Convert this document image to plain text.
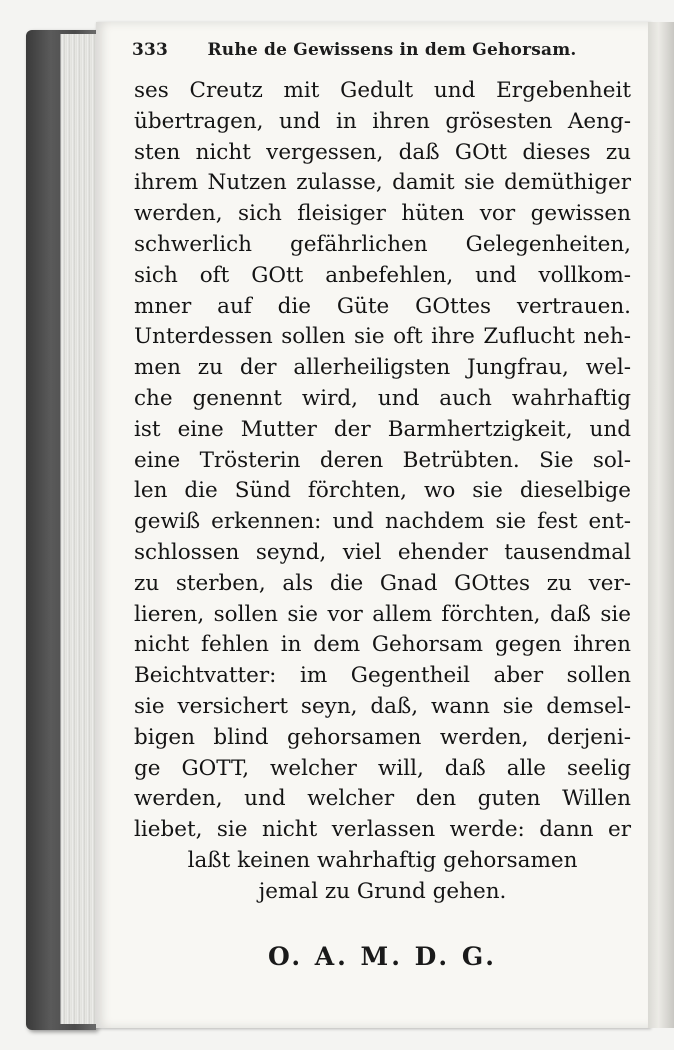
333	Ruhe de Gewissens in dem Gehorsam.
ses Creutz mit Gedult und Ergebenheit
übertragen, und in ihren grösesten Aeng-
sten nicht vergessen, daß GOtt dieses zu
ihrem Nutzen zulasse, damit sie demüthiger
werden, sich fleisiger hüten vor gewissen
schwerlich gefährlichen Gelegenheiten,
sich oft GOtt anbefehlen, und vollkom-
mner auf die Güte GOttes vertrauen.
Unterdessen sollen sie oft ihre Zuflucht neh-
men zu der allerheiligsten Jungfrau, wel-
che genennt wird, und auch wahrhaftig
ist eine Mutter der Barmhertzigkeit, und
eine Trösterin deren Betrübten. Sie sol-
len die Sünd förchten, wo sie dieselbige
gewiß erkennen: und nachdem sie fest ent-
schlossen seynd, viel ehender tausendmal
zu sterben, als die Gnad GOttes zu ver-
lieren, sollen sie vor allem förchten, daß sie
nicht fehlen in dem Gehorsam gegen ihren
Beichtvatter: im Gegentheil aber sollen
sie versichert seyn, daß, wann sie demsel-
bigen blind gehorsamen werden, derjeni-
ge GOTT, welcher will, daß alle seelig
werden, und welcher den guten Willen
liebet, sie nicht verlassen werde: dann er
laßt keinen wahrhaftig gehorsamen
jemal zu Grund gehen.
O. A. M. D. G.
